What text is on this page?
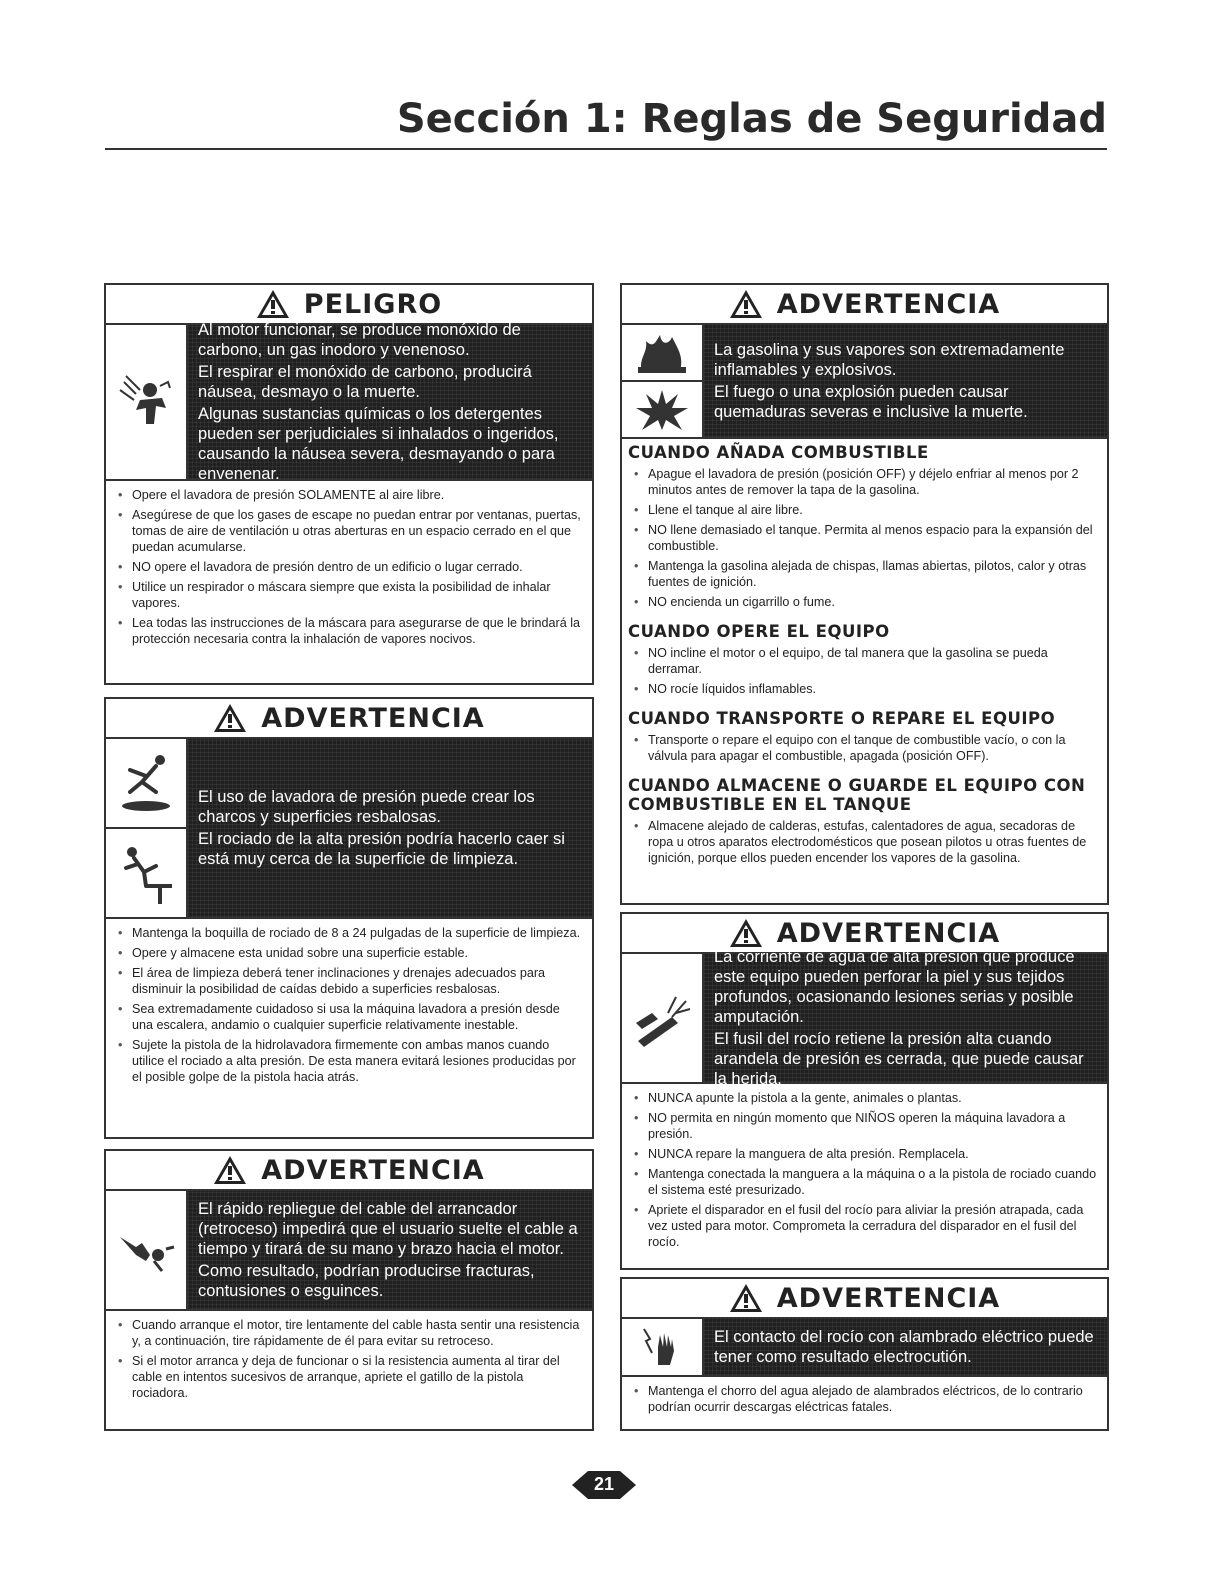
Sección 1: Reglas de Seguridad
PELIGRO

Al motor funcionar, se produce monóxido de carbono, un gas inodoro y venenoso.

El respirar el monóxido de carbono, producirá náusea, desmayo o la muerte.

Algunas sustancias químicas o los detergentes pueden ser perjudiciales si inhalados o ingeridos, causando la náusea severa, desmayando o para envenenar.

• Opere el lavadora de presión SOLAMENTE al aire libre.
• Asegúrese de que los gases de escape no puedan entrar por ventanas, puertas, tomas de aire de ventilación u otras aberturas en un espacio cerrado en el que puedan acumularse.
• NO opere el lavadora de presión dentro de un edificio o lugar cerrado.
• Utilice un respirador o máscara siempre que exista la posibilidad de inhalar vapores.
• Lea todas las instrucciones de la máscara para asegurarse de que le brindará la protección necesaria contra la inhalación de vapores nocivos.
ADVERTENCIA

El uso de lavadora de presión puede crear los charcos y superficies resbalosas.

El rociado de la alta presión podría hacerlo caer si está muy cerca de la superficie de limpieza.

• Mantenga la boquilla de rociado de 8 a 24 pulgadas de la superficie de limpieza.
• Opere y almacene esta unidad sobre una superficie estable.
• El área de limpieza deberá tener inclinaciones y drenajes adecuados para disminuir la posibilidad de caídas debido a superficies resbalosas.
• Sea extremadamente cuidadoso si usa la máquina lavadora a presión desde una escalera, andamio o cualquier superficie relativamente inestable.
• Sujete la pistola de la hidrolavadora firmemente con ambas manos cuando utilice el rociado a alta presión. De esta manera evitará lesiones producidas por el posible golpe de la pistola hacia atrás.
ADVERTENCIA

El rápido repliegue del cable del arrancador (retroceso) impedirá que el usuario suelte el cable a tiempo y tirará de su mano y brazo hacia el motor.

Como resultado, podrían producirse fracturas, contusiones o esguinces.

• Cuando arranque el motor, tire lentamente del cable hasta sentir una resistencia y, a continuación, tire rápidamente de él para evitar su retroceso.
• Si el motor arranca y deja de funcionar o si la resistencia aumenta al tirar del cable en intentos sucesivos de arranque, apriete el gatillo de la pistola rociadora.
ADVERTENCIA

La gasolina y sus vapores son extremadamente inflamables y explosivos.

El fuego o una explosión pueden causar quemaduras severas e inclusive la muerte.

CUANDO AÑADA COMBUSTIBLE
• Apague el lavadora de presión (posición OFF) y déjelo enfriar al menos por 2 minutos antes de remover la tapa de la gasolina.
• Llene el tanque al aire libre.
• NO llene demasiado el tanque. Permita al menos espacio para la expansión del combustible.
• Mantenga la gasolina alejada de chispas, llamas abiertas, pilotos, calor y otras fuentes de ignición.
• NO encienda un cigarrillo o fume.
CUANDO OPERE EL EQUIPO
• NO incline el motor o el equipo, de tal manera que la gasolina se pueda derramar.
• NO rocíe líquidos inflamables.
CUANDO TRANSPORTE O REPARE EL EQUIPO
• Transporte o repare el equipo con el tanque de combustible vacío, o con la válvula para apagar el combustible, apagada (posición OFF).
CUANDO ALMACENE O GUARDE EL EQUIPO CON COMBUSTIBLE EN EL TANQUE
• Almacene alejado de calderas, estufas, calentadores de agua, secadoras de ropa u otros aparatos electrodomésticos que posean pilotos u otras fuentes de ignición, porque ellos pueden encender los vapores de la gasolina.
ADVERTENCIA

La corriente de agua de alta presión que produce este equipo pueden perforar la piel y sus tejidos profundos, ocasionando lesiones serias y posible amputación.

El fusil del rocío retiene la presión alta cuando arandela de presión es cerrada, que puede causar la herida.

• NUNCA apunte la pistola a la gente, animales o plantas.
• NO permita en ningún momento que NIÑOS operen la máquina lavadora a presión.
• NUNCA repare la manguera de alta presión. Remplacela.
• Mantenga conectada la manguera a la máquina o a la pistola de rociado cuando el sistema esté presurizado.
• Apriete el disparador en el fusil del rocío para aliviar la presión atrapada, cada vez usted para motor. Comprometa la cerradura del disparador en el fusil del rocío.
ADVERTENCIA

El contacto del rocío con alambrado eléctrico puede tener como resultado electrocutión.

• Mantenga el chorro del agua alejado de alambrados eléctricos, de lo contrario podrían ocurrir descargas eléctricas fatales.
21
